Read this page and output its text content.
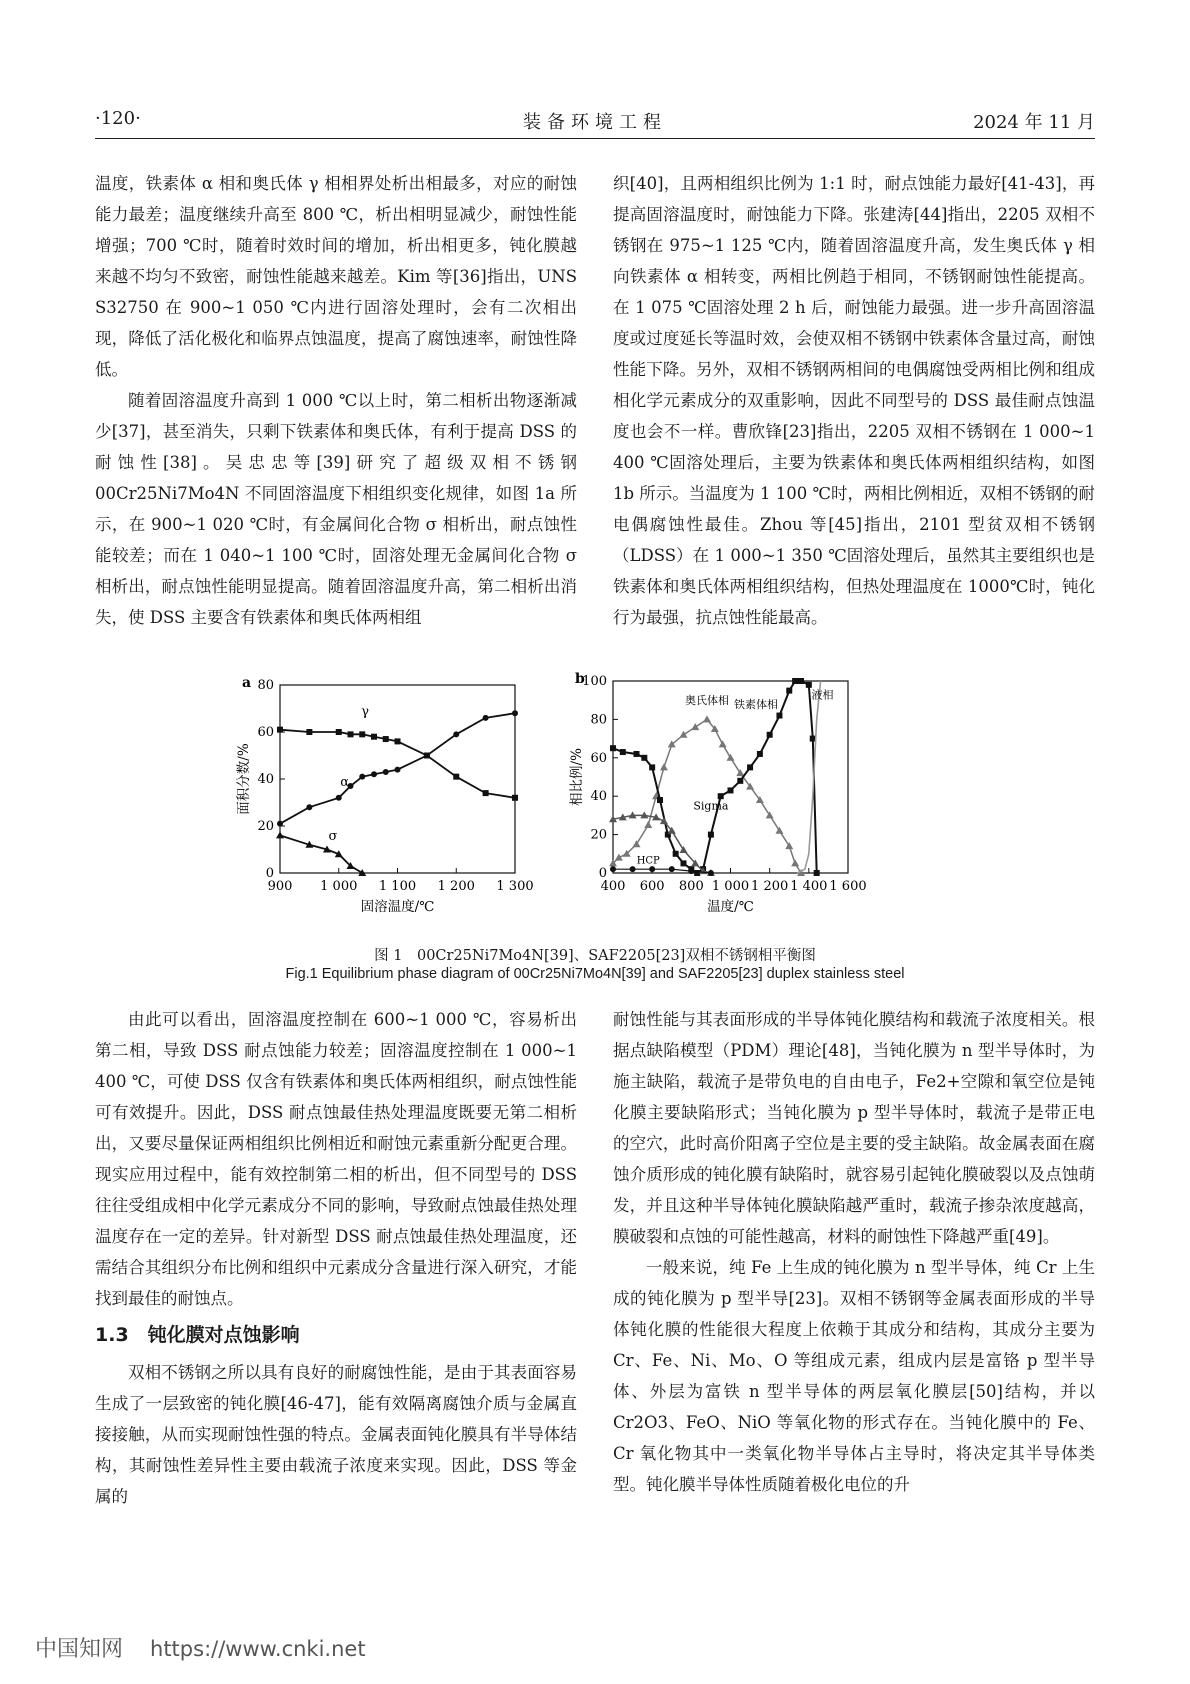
·120·	装备环境工程	2024 年 11 月

温度，铁素体 α 相和奥氏体 γ 相相界处析出相最多，对应的耐蚀能力最差；温度继续升高至 800 ℃，析出相明显减少，耐蚀性能增强；700 ℃时，随着时效时间的增加，析出相更多，钝化膜越来越不均匀不致密，耐蚀性能越来越差。Kim 等[36]指出，UNS S32750 在 900~1 050 ℃内进行固溶处理时，会有二次相出现，降低了活化极化和临界点蚀温度，提高了腐蚀速率，耐蚀性降低。

随着固溶温度升高到 1 000 ℃以上时，第二相析出物逐渐减少[37]，甚至消失，只剩下铁素体和奥氏体，有利于提高 DSS 的耐蚀性[38]。吴忠忠等[39]研究了超级双相不锈钢 00Cr25Ni7Mo4N 不同固溶温度下相组织变化规律，如图 1a 所示，在 900~1 020 ℃时，有金属间化合物 σ 相析出，耐点蚀性能较差；而在 1 040~1 100 ℃时，固溶处理无金属间化合物 σ 相析出，耐点蚀性能明显提高。随着固溶温度升高，第二相析出消失，使 DSS 主要含有铁素体和奥氏体两相组

织[40]，且两相组织比例为 1:1 时，耐点蚀能力最好[41-43]，再提高固溶温度时，耐蚀能力下降。张建涛[44]指出，2205 双相不锈钢在 975~1 125 ℃内，随着固溶温度升高，发生奥氏体 γ 相向铁素体 α 相转变，两相比例趋于相同，不锈钢耐蚀性能提高。在 1 075 ℃固溶处理 2 h 后，耐蚀能力最强。进一步升高固溶温度或过度延长等温时效，会使双相不锈钢中铁素体含量过高，耐蚀性能下降。另外，双相不锈钢两相间的电偶腐蚀受两相比例和组成相化学元素成分的双重影响，因此不同型号的 DSS 最佳耐点蚀温度也会不一样。曹欣锋[23]指出，2205 双相不锈钢在 1 000~1 400 ℃固溶处理后，主要为铁素体和奥氏体两相组织结构，如图 1b 所示。当温度为 1 100 ℃时，两相比例相近，双相不锈钢的耐电偶腐蚀性最佳。Zhou 等[45]指出，2101 型贫双相不锈钢（LDSS）在 1 000~1 350 ℃固溶处理后，虽然其主要组织也是铁素体和奥氏体两相组织结构，但热处理温度在 1000℃时，钝化行为最强，抗点蚀性能最高。

900 1 000 1 100 1 200 1 300
0
20
40
60
80
固溶温度/℃
面积分数/%
a
γ
α
σ
400 600 800 1 000 1 200 1 400 1 600
0
20
40
60
80
100
温度/℃
相比例/%
b
奥氏体相 铁素体相
Sigma
HCP
液相
图 1　00Cr25Ni7Mo4N[39]、SAF2205[23]双相不锈钢相平衡图
Fig.1 Equilibrium phase diagram of 00Cr25Ni7Mo4N[39] and SAF2205[23] duplex stainless steel

由此可以看出，固溶温度控制在 600~1 000 ℃，容易析出第二相，导致 DSS 耐点蚀能力较差；固溶温度控制在 1 000~1 400 ℃，可使 DSS 仅含有铁素体和奥氏体两相组织，耐点蚀性能可有效提升。因此，DSS 耐点蚀最佳热处理温度既要无第二相析出，又要尽量保证两相组织比例相近和耐蚀元素重新分配更合理。现实应用过程中，能有效控制第二相的析出，但不同型号的 DSS 往往受组成相中化学元素成分不同的影响，导致耐点蚀最佳热处理温度存在一定的差异。针对新型 DSS 耐点蚀最佳热处理温度，还需结合其组织分布比例和组织中元素成分含量进行深入研究，才能找到最佳的耐蚀点。

1.3　钝化膜对点蚀影响

双相不锈钢之所以具有良好的耐腐蚀性能，是由于其表面容易生成了一层致密的钝化膜[46-47]，能有效隔离腐蚀介质与金属直接接触，从而实现耐蚀性强的特点。金属表面钝化膜具有半导体结构，其耐蚀性差异性主要由载流子浓度来实现。因此，DSS 等金属的

耐蚀性能与其表面形成的半导体钝化膜结构和载流子浓度相关。根据点缺陷模型（PDM）理论[48]，当钝化膜为 n 型半导体时，为施主缺陷，载流子是带负电的自由电子，Fe2+空隙和氧空位是钝化膜主要缺陷形式；当钝化膜为 p 型半导体时，载流子是带正电的空穴，此时高价阳离子空位是主要的受主缺陷。故金属表面在腐蚀介质形成的钝化膜有缺陷时，就容易引起钝化膜破裂以及点蚀萌发，并且这种半导体钝化膜缺陷越严重时，载流子掺杂浓度越高，膜破裂和点蚀的可能性越高，材料的耐蚀性下降越严重[49]。

一般来说，纯 Fe 上生成的钝化膜为 n 型半导体，纯 Cr 上生成的钝化膜为 p 型半导[23]。双相不锈钢等金属表面形成的半导体钝化膜的性能很大程度上依赖于其成分和结构，其成分主要为 Cr、Fe、Ni、Mo、O 等组成元素，组成内层是富铬 p 型半导体、外层为富铁 n 型半导体的两层氧化膜层[50]结构，并以 Cr2O3、FeO、NiO 等氧化物的形式存在。当钝化膜中的 Fe、Cr 氧化物其中一类氧化物半导体占主导时，将决定其半导体类型。钝化膜半导体性质随着极化电位的升

中国知网 https://www.cnki.net
